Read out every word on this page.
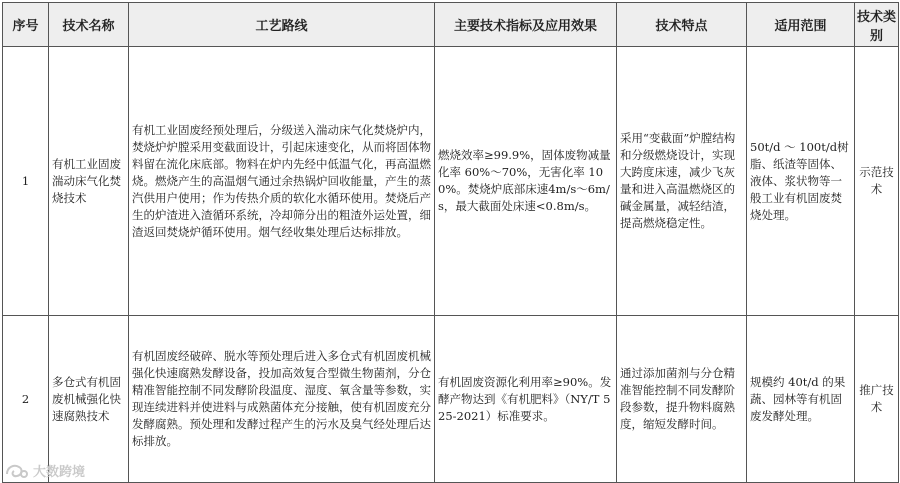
序号	技术名称	工艺路线	主要技术指标及应用效果	技术特点	适用范围	技术类别

1	有机工业固废湍动床气化焚烧技术	有机工业固废经预处理后，分级送入湍动床气化焚烧炉内，焚烧炉炉膛采用变截面设计，引起床速变化，从而将固体物料留在流化床底部。物料在炉内先经中低温气化，再高温燃烧。燃烧产生的高温烟气通过余热锅炉回收能量，产生的蒸汽供用户使用；作为传热介质的软化水循环使用。焚烧后产生的炉渣进入渣循环系统，冷却筛分出的粗渣外运处置，细渣返回焚烧炉循环使用。烟气经收集处理后达标排放。	燃烧效率≥99.9%，固体废物减量化率 60%～70%，无害化率 100%。焚烧炉底部床速4m/s～6m/s，最大截面处床速<0.8m/s。	采用“变截面”炉膛结构和分级燃烧设计，实现大跨度床速，减少飞灰量和进入高温燃烧区的碱金属量，减轻结渣，提高燃烧稳定性。	50t/d ～ 100t/d树脂、纸渣等固体、液体、浆状物等一般工业有机固废焚烧处理。	示范技术

2	多仓式有机固废机械强化快速腐熟技术	有机固废经破碎、脱水等预处理后进入多仓式有机固废机械强化快速腐熟发酵设备，投加高效复合型微生物菌剂，分仓精准智能控制不同发酵阶段温度、湿度、氧含量等参数，实现连续进料并使进料与成熟菌体充分接触，使有机固废充分发酵腐熟。预处理和发酵过程产生的污水及臭气经处理后达标排放。	有机固废资源化利用率≥90%。发酵产物达到《有机肥料》（NY/T 525-2021）标准要求。	通过添加菌剂与分仓精准智能控制不同发酵阶段参数，提升物料腐熟度，缩短发酵时间。	规模约 40t/d 的果蔬、园林等有机固废发酵处理。	推广技术
大数跨境
